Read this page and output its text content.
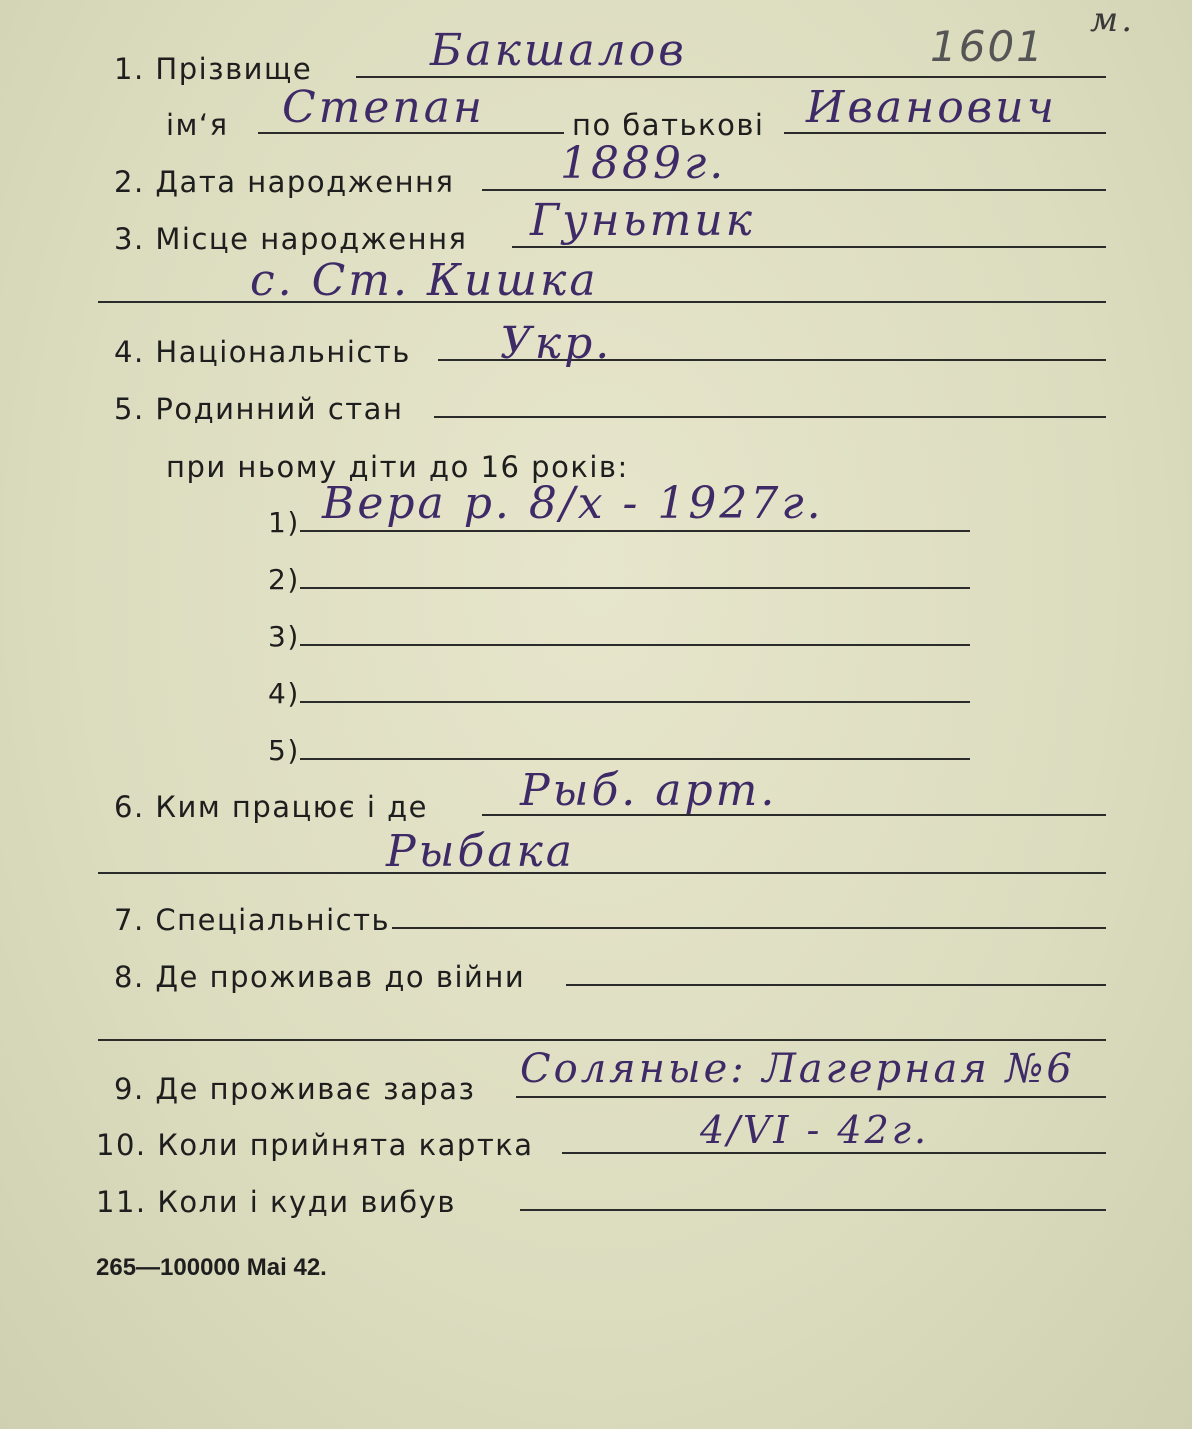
1601
м.
1. Прізвище	Бакшалов
ім‘я Степан	по батькові Иванович
2. Дата народження 1889г.
3. Місце народження Гуньтик
с. Ст. Кишка
4. Національність Укр.
5. Родинний стан
при ньому діти до 16 років:
1) Вера р. 8/х - 1927г.
2)
3)
4)
5)
6. Ким працює і де Рыб. арт.
Рыбака
7. Спеціальність
8. Де проживав до війни
9. Де проживає зараз Соляные: Лагерная №6
10. Коли прийнята картка	4/VI - 42г.
11. Коли і куди вибув
265—100000 Mai 42.
